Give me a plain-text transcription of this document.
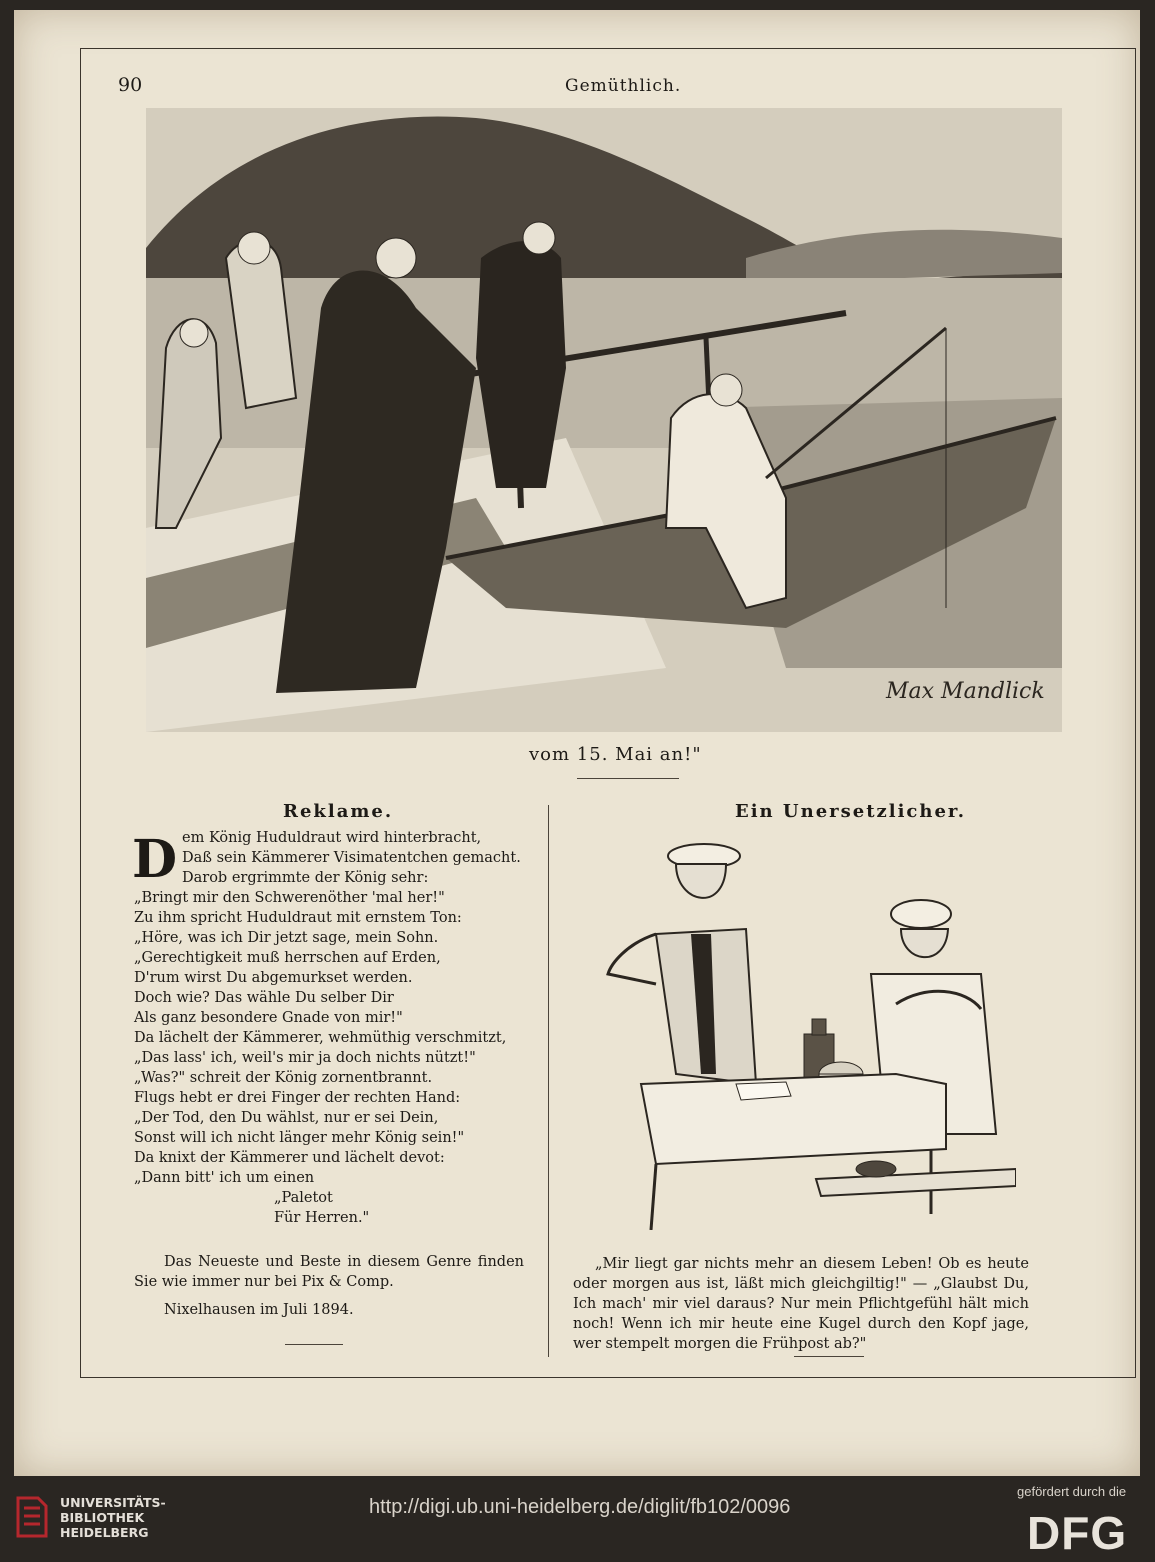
90	Gemüthlich.
Max Mandlick
vom 15. Mai an!"
Reklame.	Ein Unersetzlicher.
D em König Huduldraut wird hinterbracht,
Daß sein Kämmerer Visimatentchen gemacht.
Darob ergrimmte der König sehr:
„Bringt mir den Schwerenöther 'mal her!"
Zu ihm spricht Huduldraut mit ernstem Ton:
„Höre, was ich Dir jetzt sage, mein Sohn.
„Gerechtigkeit muß herrschen auf Erden,
D'rum wirst Du abgemurkset werden.
Doch wie? Das wähle Du selber Dir
Als ganz besondere Gnade von mir!"
Da lächelt der Kämmerer, wehmüthig verschmitzt,
„Das lass' ich, weil's mir ja doch nichts nützt!"
„Was?" schreit der König zornentbrannt.
Flugs hebt er drei Finger der rechten Hand:
„Der Tod, den Du wählst, nur er sei Dein,
Sonst will ich nicht länger mehr König sein!"
Da knixt der Kämmerer und lächelt devot:
„Dann bitt' ich um einen
„Paletot
Für Herren."
Das Neueste und Beste in diesem Genre finden Sie wie immer nur bei Pix & Comp.
Nixelhausen im Juli 1894.
„Mir liegt gar nichts mehr an diesem Leben! Ob es heute oder morgen aus ist, läßt mich gleichgiltig!" — „Glaubst Du, Ich mach' mir viel daraus? Nur mein Pflichtgefühl hält mich noch! Wenn ich mir heute eine Kugel durch den Kopf jage, wer stempelt morgen die Frühpost ab?"
UNIVERSITÄTS-
BIBLIOTHEK
HEIDELBERG
http://digi.ub.uni-heidelberg.de/diglit/fb102/0096
gefördert durch die
DFG
